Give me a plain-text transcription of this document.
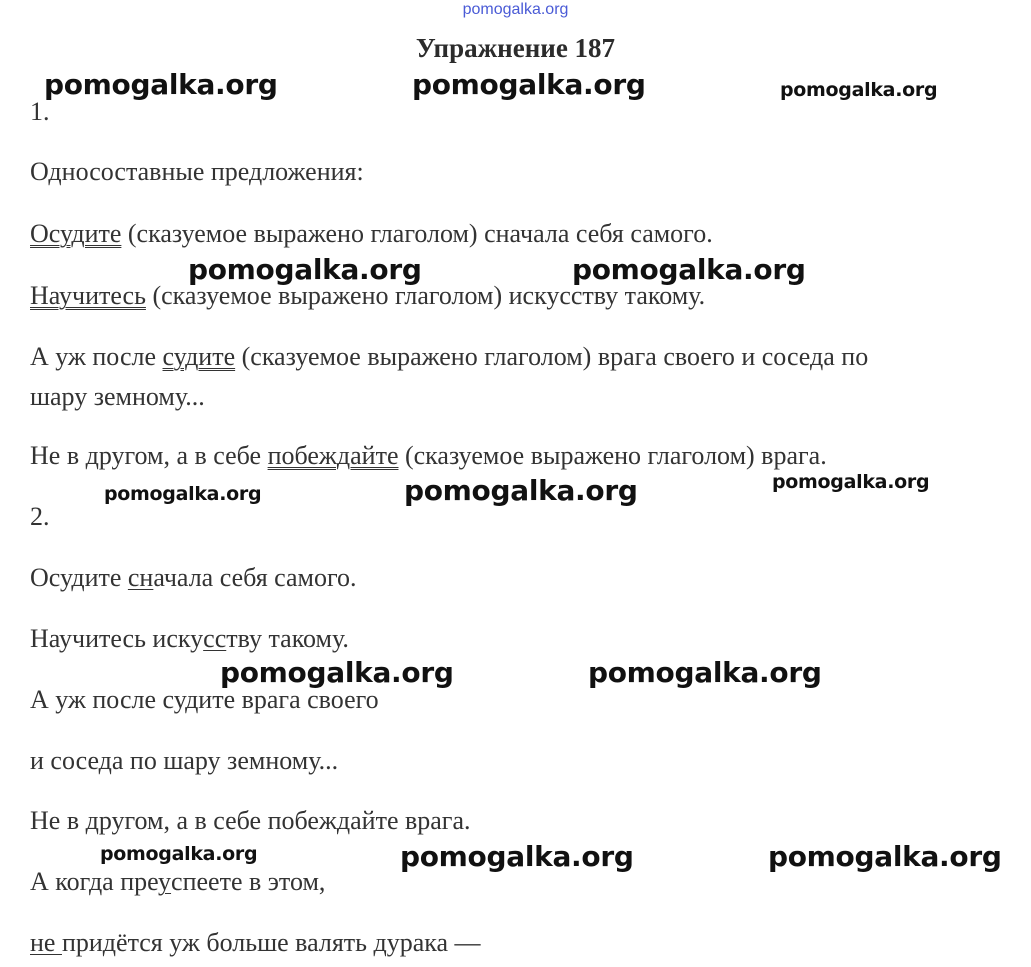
pomogalka.org
Упражнение 187
1.
Односоставные предложения:
Осудите (сказуемое выражено глаголом) сначала себя самого.
Научитесь (сказуемое выражено глаголом) искусству такому.
А уж после судите (сказуемое выражено глаголом) врага своего и соседа по
шару земному...
Не в другом, а в себе побеждайте (сказуемое выражено глаголом) врага.
2.
Осудите сначала себя самого.
Научитесь искусству такому.
А уж после судите врага своего
и соседа по шару земному...
Не в другом, а в себе побеждайте врага.
А когда преуспеете в этом,
не придётся уж больше валять дурака —
pomogalka.org	pomogalka.org	pomogalka.org
pomogalka.org	pomogalka.org
pomogalka.org	pomogalka.org	pomogalka.org
pomogalka.org	pomogalka.org
pomogalka.org	pomogalka.org	pomogalka.org
